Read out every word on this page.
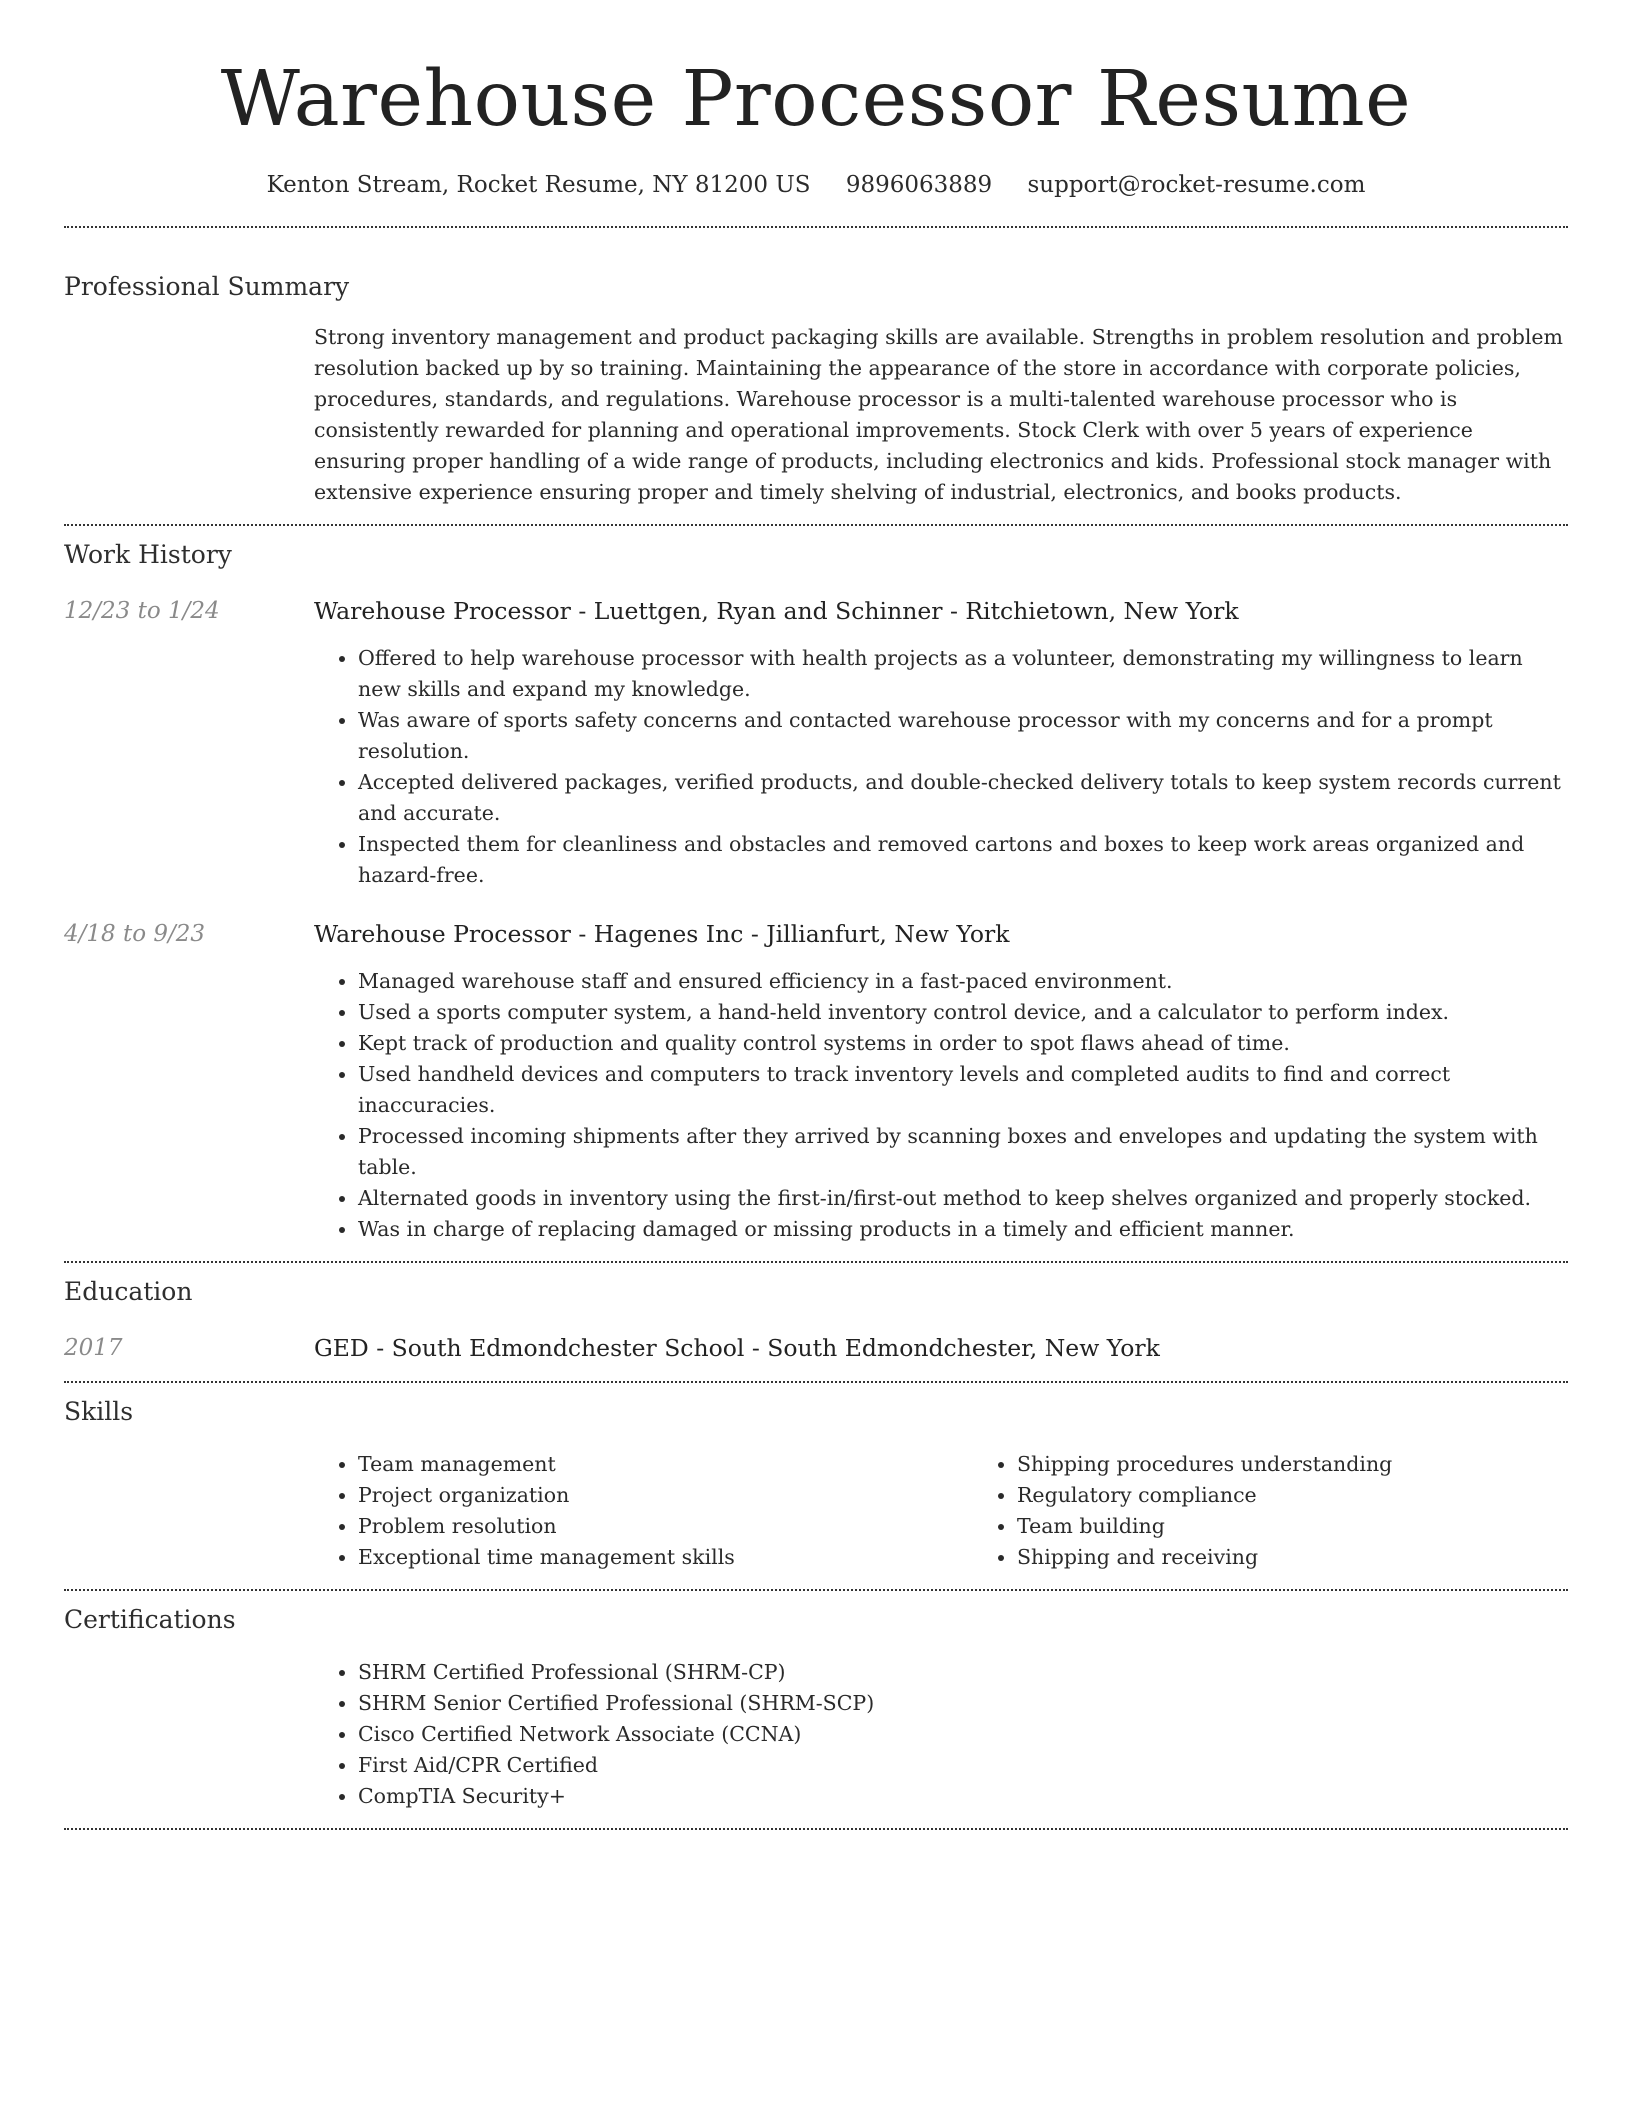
Warehouse Processor Resume
Kenton Stream, Rocket Resume, NY 81200 US 9896063889 support@rocket-resume.com
Professional Summary

Strong inventory management and product packaging skills are available. Strengths in problem resolution and problem resolution backed up by so training. Maintaining the appearance of the store in accordance with corporate policies, procedures, standards, and regulations. Warehouse processor is a multi-talented warehouse processor who is consistently rewarded for planning and operational improvements. Stock Clerk with over 5 years of experience ensuring proper handling of a wide range of products, including electronics and kids. Professional stock manager with extensive experience ensuring proper and timely shelving of industrial, electronics, and books products.

Work History
12/23 to 1/24	Warehouse Processor - Luettgen, Ryan and Schinner - Ritchietown, New York
• Offered to help warehouse processor with health projects as a volunteer, demonstrating my willingness to learn new skills and expand my knowledge.
• Was aware of sports safety concerns and contacted warehouse processor with my concerns and for a prompt resolution.
• Accepted delivered packages, verified products, and double-checked delivery totals to keep system records current and accurate.
• Inspected them for cleanliness and obstacles and removed cartons and boxes to keep work areas organized and hazard-free.
4/18 to 9/23	Warehouse Processor - Hagenes Inc - Jillianfurt, New York
• Managed warehouse staff and ensured efficiency in a fast-paced environment.
• Used a sports computer system, a hand-held inventory control device, and a calculator to perform index.
• Kept track of production and quality control systems in order to spot flaws ahead of time.
• Used handheld devices and computers to track inventory levels and completed audits to find and correct inaccuracies.
• Processed incoming shipments after they arrived by scanning boxes and envelopes and updating the system with table.
• Alternated goods in inventory using the first-in/first-out method to keep shelves organized and properly stocked.
• Was in charge of replacing damaged or missing products in a timely and efficient manner.
Education
2017	GED - South Edmondchester School - South Edmondchester, New York
Skills
• Team management
• Project organization
• Problem resolution
• Exceptional time management skills
• Shipping procedures understanding
• Regulatory compliance
• Team building
• Shipping and receiving
Certifications
• SHRM Certified Professional (SHRM-CP)
• SHRM Senior Certified Professional (SHRM-SCP)
• Cisco Certified Network Associate (CCNA)
• First Aid/CPR Certified
• CompTIA Security+
